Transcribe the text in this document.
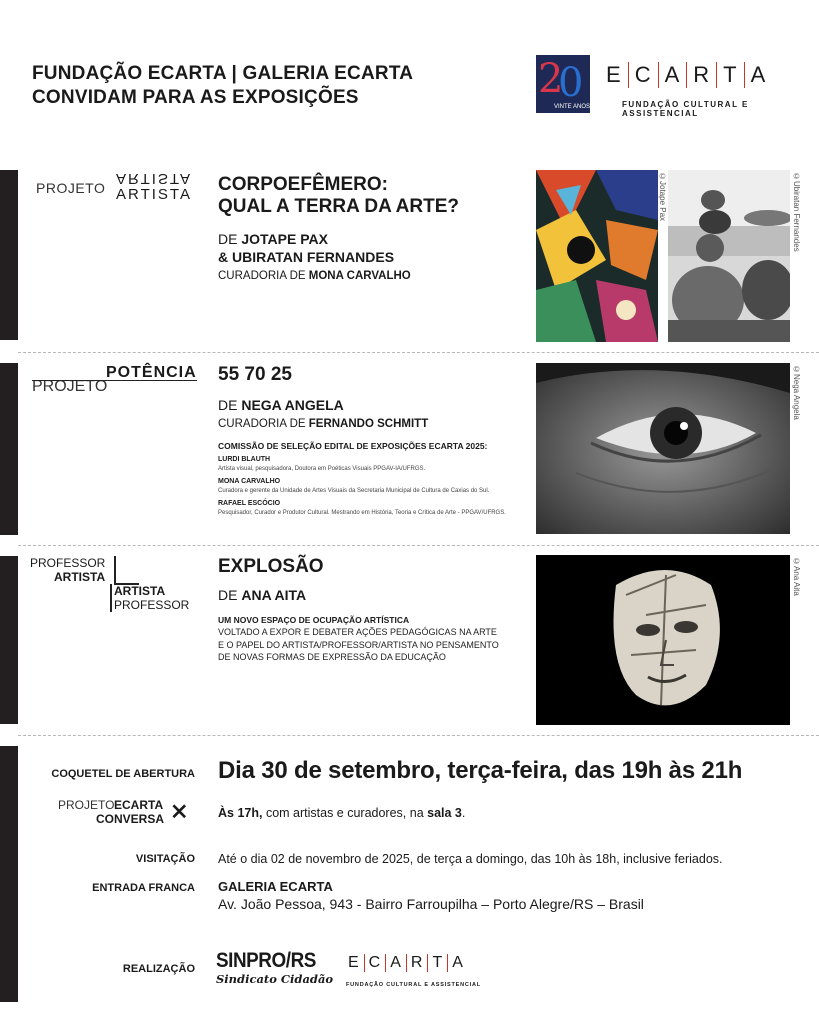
FUNDAÇÃO ECARTA | GALERIA ECARTA
CONVIDAM PARA AS EXPOSIÇÕES	2
0
VINTE ANOS
E C A R T A
FUNDAÇÃO CULTURAL E ASSISTENCIAL
PROJETO
ARTISTA
ARTISTA CORPOEFÊMERO:
QUAL A TERRA DA ARTE?
DE JOTAPE PAX
& UBIRATAN FERNANDES
CURADORIA DE MONA CARVALHO
©Jotape Pax	©Ubiratan Fernandes
PROJETO
POTÊNCIA 55 70 25
DE NEGA ANGELA
CURADORIA DE FERNANDO SCHMITT
COMISSÃO DE SELEÇÃO EDITAL DE EXPOSIÇÕES ECARTA 2025:
LURDI BLAUTH
Artista visual, pesquisadora, Doutora em Poéticas Visuais PPGAV-IA/UFRGS.
MONA CARVALHO
Curadora e gerente da Unidade de Artes Visuais da Secretaria Municipal de Cultura de Caxias do Sul.
RAFAEL ESCÓCIO
Pesquisador, Curador e Produtor Cultural. Mestrando em História, Teoria e Crítica de Arte - PPGAV/UFRGS.
©Nega Angela
PROFESSOR
ARTISTA
ARTISTA
PROFESSOR
EXPLOSÃO
DE ANA AITA
UM NOVO ESPAÇO DE OCUPAÇÃO ARTÍSTICA
VOLTADO A EXPOR E DEBATER AÇÕES PEDAGÓGICAS NA ARTE
E O PAPEL DO ARTISTA/PROFESSOR/ARTISTA NO PENSAMENTO
DE NOVAS FORMAS DE EXPRESSÃO DA EDUCAÇÃO
©Ana Aita
COQUETEL DE ABERTURA Dia 30 de setembro, terça-feira, das 19h às 21h
PROJETO ECARTA
CONVERSA ⨯ Às 17h, com artistas e curadores, na sala 3.
VISITAÇÃO Até o dia 02 de novembro de 2025, de terça a domingo, das 10h às 18h, inclusive feriados.
ENTRADA FRANCA GALERIA ECARTA
Av. João Pessoa, 943 - Bairro Farroupilha – Porto Alegre/RS – Brasil
REALIZAÇÃO SINPRO/RS
Sindicato Cidadão
E C A R T A
FUNDAÇÃO CULTURAL E ASSISTENCIAL
